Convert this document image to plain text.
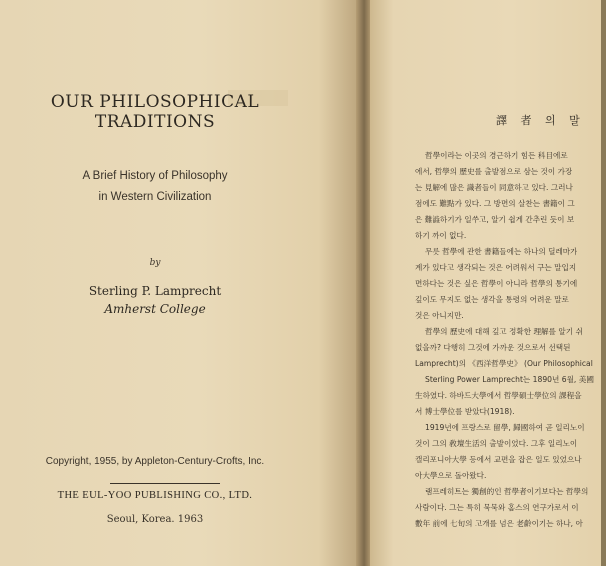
OUR PHILOSOPHICAL
TRADITIONS
A Brief History of Philosophy
in Western Civilization
by
Sterling P. Lamprecht
Amherst College
Copyright, 1955, by Appleton-Century-Crofts, Inc.
THE EUL-YOO PUBLISHING CO., LTD.
Seoul, Korea. 1963
譯 者 의 말
哲學이라는 이곳의 경근하기 힘든 科目에로
에서, 哲學의 歷史를 출발점으로 삼는 것이 가장
는 見解에 많은 識者들이 同意하고 있다. 그러나
점에도 難點가 있다. 그 방면의 살찬는 書籍이 그
은 難澁하기가 일쑤고, 알기 쉽게 간추린 듯이 보
하기 까이 없다.
무릇 哲學에 관한 書籍들에는 하나의 딜레마가
계가 있다고 생각되는 것은 어려워서 구는 말입지
면하다는 것은 싶은 哲學이 아니라 哲學의 통기에
깊이도 무지도 없는 생각을 통령의 어려운 말로
것은 아니지만.
哲學의 歷史에 대해 깊고 정확한 理解를 알기 쉬
없을까? 다행히 그것에 가까운 것으로서 선택된
Lamprecht)의 《西洋哲學史》 (Our Philosophical
Sterling Power Lamprecht는 1890년 6월, 美國
生하였다. 하바드大學에서 哲學碩士學位의 課程을
서 博士學位를 받았다(1918).
1919년에 프랑스로 留學, 歸國하여 곧 일리노이
것이 그의 敎壇生活의 출발이었다. 그후 일리노이
캘리포니아大學 등에서 교편을 잡은 일도 있었으나
아大學으로 돌아왔다.
램프레히트는 獨創的인 哲學者이기보다는 哲學의
사람이다. 그는 특히 묵묵와 홈스의 연구가로서 이
數年 前에 七旬의 고개를 넘은 老齡이기는 하나, 아
